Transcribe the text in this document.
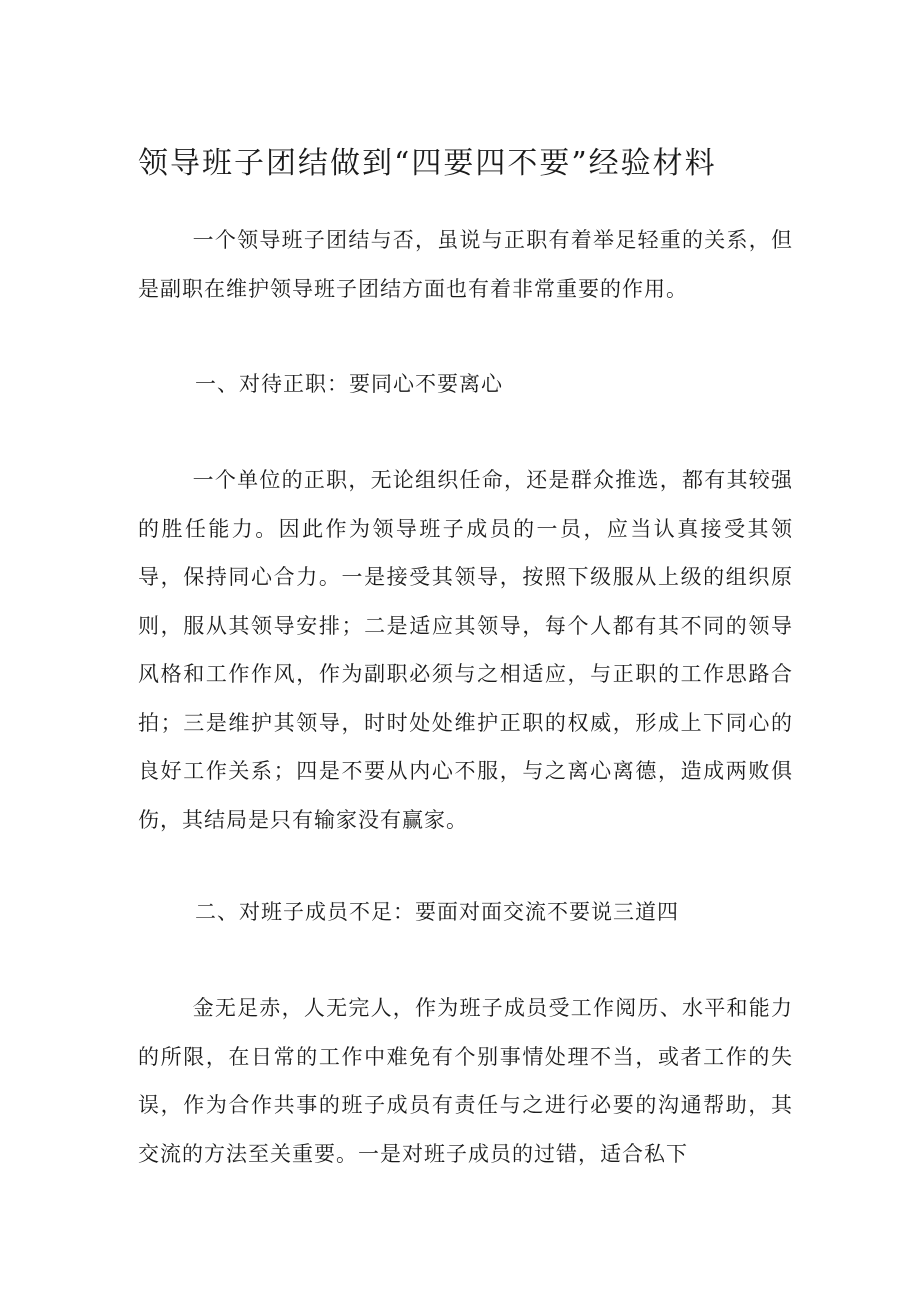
领导班子团结做到“四要四不要”经验材料

一个领导班子团结与否，虽说与正职有着举足轻重的关系，但是副职在维护领导班子团结方面也有着非常重要的作用。

一、对待正职：要同心不要离心

一个单位的正职，无论组织任命，还是群众推选，都有其较强的胜任能力。因此作为领导班子成员的一员，应当认真接受其领导，保持同心合力。一是接受其领导，按照下级服从上级的组织原则，服从其领导安排；二是适应其领导，每个人都有其不同的领导风格和工作作风，作为副职必须与之相适应，与正职的工作思路合拍；三是维护其领导，时时处处维护正职的权威，形成上下同心的良好工作关系；四是不要从内心不服，与之离心离德，造成两败俱伤，其结局是只有输家没有赢家。

二、对班子成员不足：要面对面交流不要说三道四

金无足赤，人无完人，作为班子成员受工作阅历、水平和能力的所限，在日常的工作中难免有个别事情处理不当，或者工作的失误，作为合作共事的班子成员有责任与之进行必要的沟通帮助，其交流的方法至关重要。一是对班子成员的过错，适合私下
